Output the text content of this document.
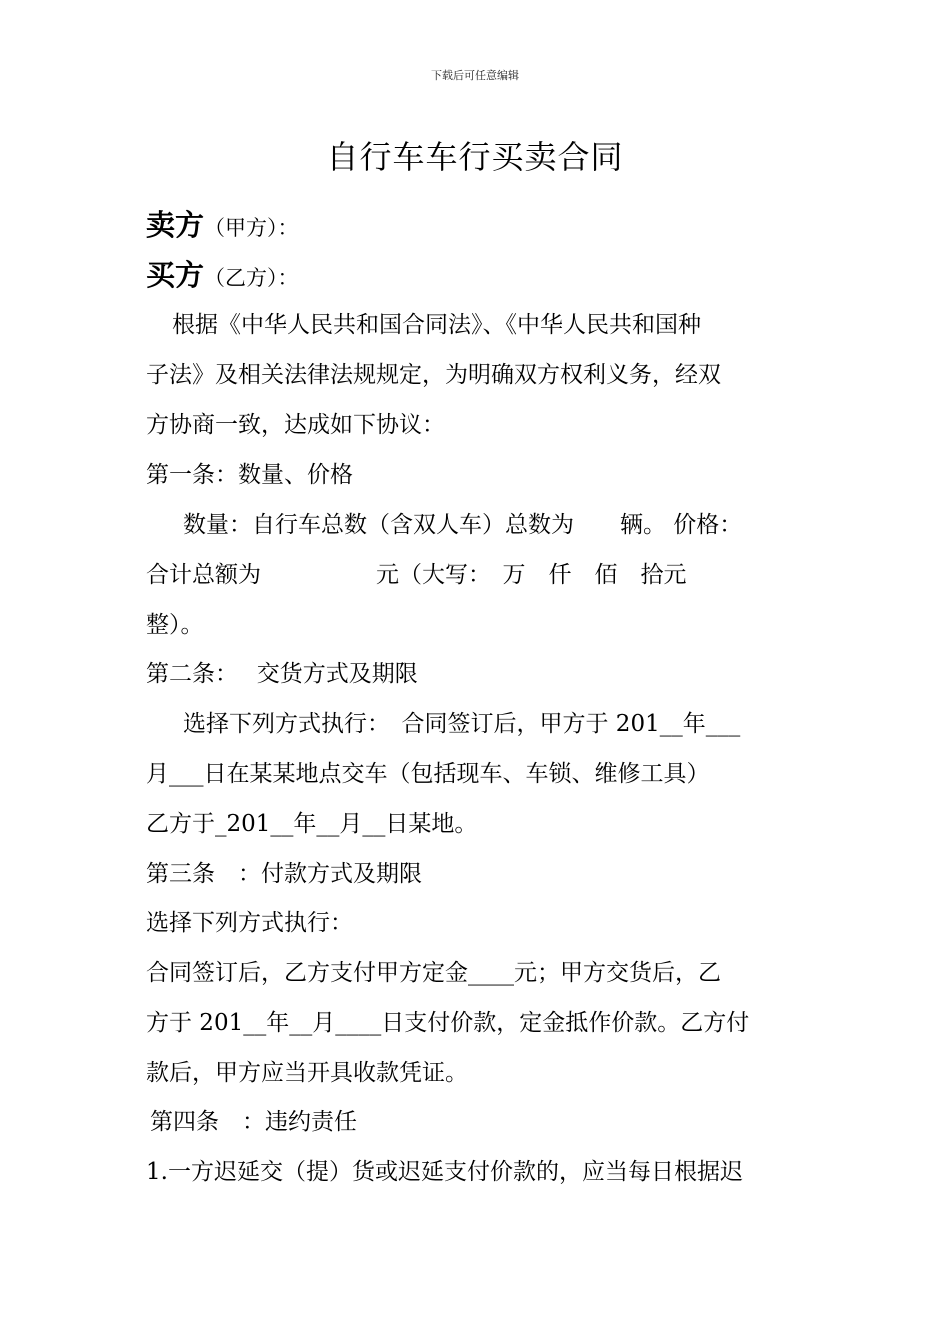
下载后可任意编辑
自行车车行买卖合同
卖方（甲方）：
买方（乙方）：
根据《中华人民共和国合同法》、《中华人民共和国种
子法》及相关法律法规规定，为明确双方权利义务，经双
方协商一致，达成如下协议：
第一条：数量、价格
数量：自行车总数（含双人车）总数为　　辆。 价格：
合计总额为　　　　　元（大写：　万　仟　佰　拾元
整）。
第二条：　 交货方式及期限
选择下列方式执行：　合同签订后，甲方于 201__年___
月___日在某某地点交车（包括现车、车锁、维修工具）
乙方于_201__年__月__日某地。
第三条　：付款方式及期限
选择下列方式执行：
合同签订后，乙方支付甲方定金____元；甲方交货后，乙
方于 201__年__月____日支付价款，定金抵作价款。乙方付
款后，甲方应当开具收款凭证。
第四条　：违约责任
1.一方迟延交（提）货或迟延支付价款的，应当每日根据迟
